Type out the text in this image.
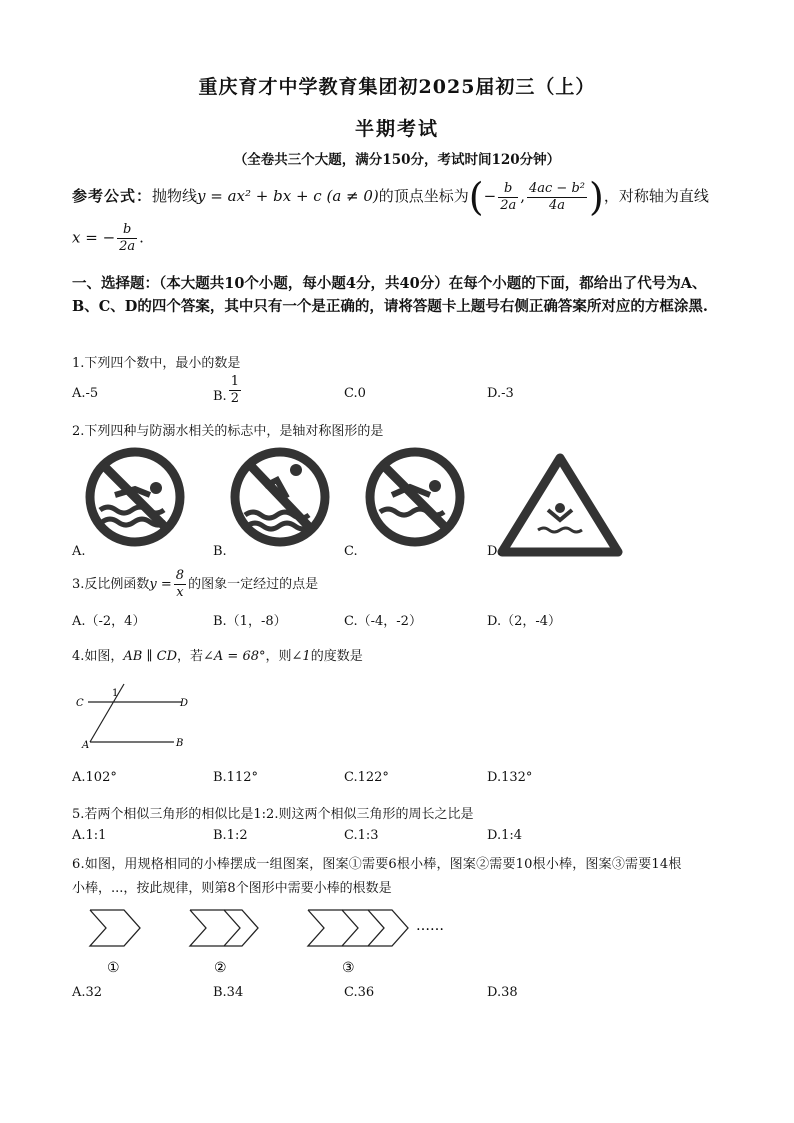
重庆育才中学教育集团初2025届初三（上）
半期考试
（全卷共三个大题，满分150分，考试时间120分钟）
参考公式：抛物线y = ax² + bx + c (a ≠ 0)的顶点坐标为(− $\frac{b}{2a}$ , $\frac{\text{4ac − b²}}{4a}$ )，对称轴为直线
x = − $\frac{b}{2a}$ .
一、选择题：（本大题共10个小题，每小题4分，共40分）在每个小题的下面，都给出了代号为A、B、C、D的四个答案，其中只有一个是正确的，请将答题卡上题号右侧正确答案所对应的方框涂黑.
1.下列四个数中，最小的数是
A.-5	B. $\frac{1}{2}$	C.0	D.-3
2.下列四种与防溺水相关的标志中，是轴对称图形的是
A.	B.	C.	D.
3.反比例函数$y = \frac{8}{x}$ 的图象一定经过的点是
A.（-2，4）	B.（1，-8）	C.（-4，-2）	D.（2，-4）
4.如图，AB ∥ CD，若∠A = 68°，则∠1的度数是
C	D
A	B
1
A.102°	B.112°	C.122°	D.132°
5.若两个相似三角形的相似比是1:2.则这两个相似三角形的周长之比是
A.1:1	B.1:2	C.1:3	D.1:4
6.如图，用规格相同的小棒摆成一组图案，图案①需要6根小棒，图案②需要10根小棒，图案③需要14根
小棒，...，按此规律，则第8个图形中需要小棒的根数是
……
①	②	③
A.32	B.34	C.36	D.38
